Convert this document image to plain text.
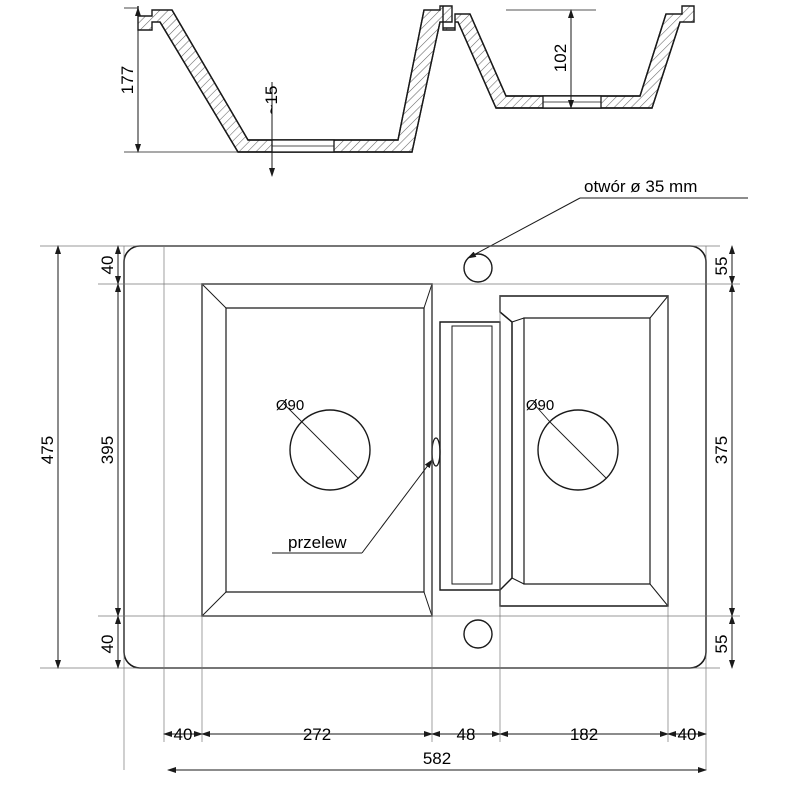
177
~15
102
Ø90	Ø90
otwór ø 35 mm
przelew
40
395
40
475
55
375
55
40	272	48	182	40
582
